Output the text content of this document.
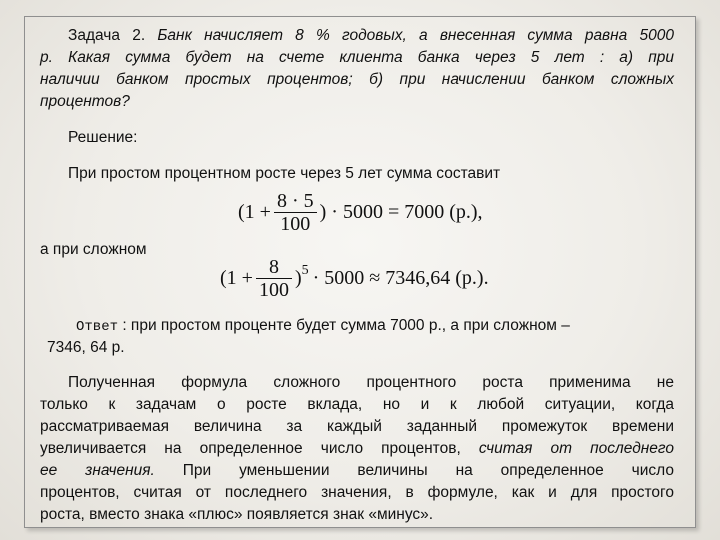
Задача 2. Банк начисляет 8 % годовых, а внесенная сумма равна 5000
р. Какая сумма будет на счете клиента банка через 5 лет : а) при
наличии банком простых процентов; б) при начислении банком сложных
процентов?
Решение:
При простом процентном росте через 5 лет сумма составит
($1 + \frac{8 \cdot 5}{100}$ ) · 5000 = 7000 (р.),
а при сложном
$(1 + \frac{8}{100} )^5 \cdot 5000 \approx 7346,64$ (р.).
Ответ : при простом проценте будет сумма 7000 р., а при сложном –
7346, 64 р.
Полученная формула сложного процентного роста применима не
только к задачам о росте вклада, но и к любой ситуации, когда
рассматриваемая величина за каждый заданный промежуток времени
увеличивается на определенное число процентов, считая от последнего
ее значения. При уменьшении величины на определенное число
процентов, считая от последнего значения, в формуле, как и для простого
роста, вместо знака «плюс» появляется знак «минус».
